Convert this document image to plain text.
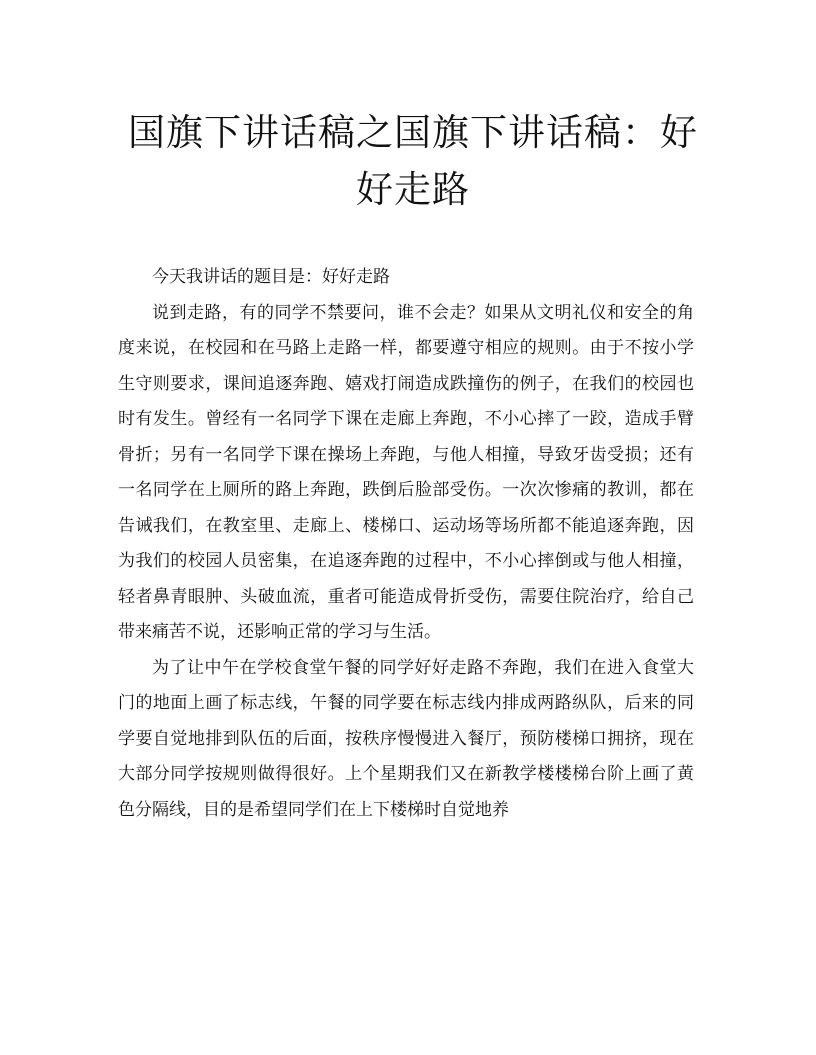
国旗下讲话稿之国旗下讲话稿：好好走路

今天我讲话的题目是：好好走路

说到走路，有的同学不禁要问，谁不会走？如果从文明礼仪和安全的角度来说，在校园和在马路上走路一样，都要遵守相应的规则。由于不按小学生守则要求，课间追逐奔跑、嬉戏打闹造成跌撞伤的例子，在我们的校园也时有发生。曾经有一名同学下课在走廊上奔跑，不小心摔了一跤，造成手臂骨折；另有一名同学下课在操场上奔跑，与他人相撞，导致牙齿受损；还有一名同学在上厕所的路上奔跑，跌倒后脸部受伤。一次次惨痛的教训，都在告诫我们，在教室里、走廊上、楼梯口、运动场等场所都不能追逐奔跑，因为我们的校园人员密集，在追逐奔跑的过程中，不小心摔倒或与他人相撞，轻者鼻青眼肿、头破血流，重者可能造成骨折受伤，需要住院治疗，给自己带来痛苦不说，还影响正常的学习与生活。

为了让中午在学校食堂午餐的同学好好走路不奔跑，我们在进入食堂大门的地面上画了标志线，午餐的同学要在标志线内排成两路纵队，后来的同学要自觉地排到队伍的后面，按秩序慢慢进入餐厅，预防楼梯口拥挤，现在大部分同学按规则做得很好。上个星期我们又在新教学楼楼梯台阶上画了黄色分隔线，目的是希望同学们在上下楼梯时自觉地养
